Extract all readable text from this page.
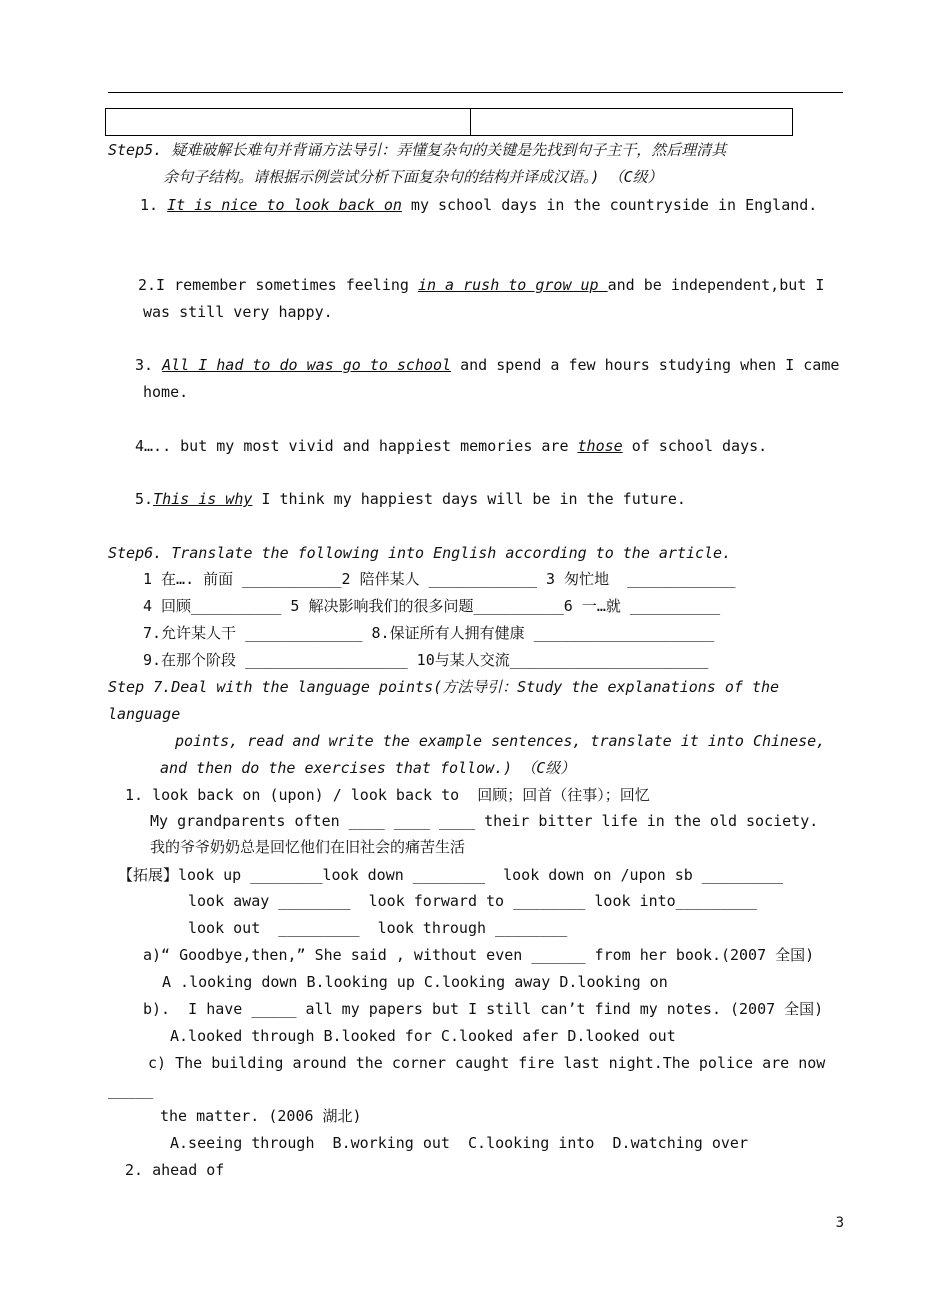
Step5. 疑难破解长难句并背诵方法导引：弄懂复杂句的关键是先找到句子主干，然后理清其
余句子结构。请根据示例尝试分析下面复杂句的结构并译成汉语。) （C级）
1. It is nice to look back on my school days in the countryside in England.
2.I remember sometimes feeling in a rush to grow up and be independent,but I
was still very happy.
3. All I had to do was go to school and spend a few hours studying when I came
home.
4….. but my most vivid and happiest memories are those of school days.
5.This is why I think my happiest days will be in the future.
Step6. Translate the following into English according to the article.
1 在…. 前面 ___________2 陪伴某人 ____________ 3 匆忙地  ____________
4 回顾__________ 5 解决影响我们的很多问题__________6 一…就 __________
7.允许某人干 _____________ 8.保证所有人拥有健康 ____________________
9.在那个阶段 __________________ 10与某人交流______________________
Step 7.Deal with the language points(方法导引：Study the explanations of the
language
points, read and write the example sentences, translate it into Chinese,
and then do the exercises that follow.) （C级）
1. look back on (upon) / look back to  回顾；回首（往事）；回忆
My grandparents often ____ ____ ____ their bitter life in the old society.
我的爷爷奶奶总是回忆他们在旧社会的痛苦生活
【拓展】look up ________look down ________  look down on /upon sb _________
look away ________  look forward to ________ look into_________
look out  _________  look through ________
a)“ Goodbye,then,” She said , without even ______ from her book.(2007 全国)
A .looking down B.looking up C.looking away D.looking on
b).  I have _____ all my papers but I still can’t find my notes. (2007 全国)
A.looked through B.looked for C.looked afer D.looked out
c) The building around the corner caught fire last night.The police are now
_____
the matter. (2006 湖北)
A.seeing through  B.working out  C.looking into  D.watching over
2. ahead of
3
